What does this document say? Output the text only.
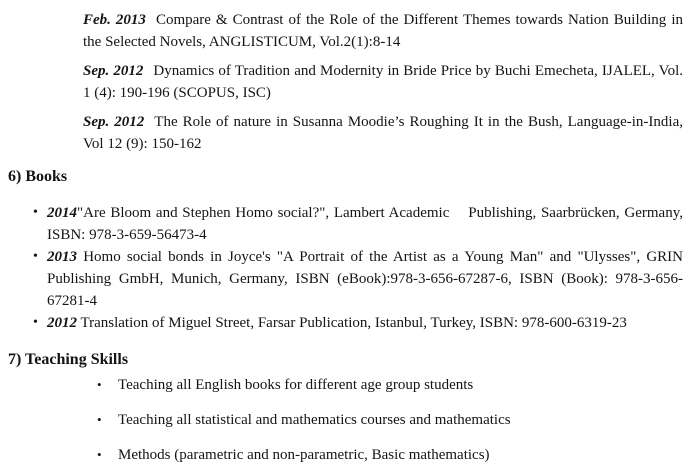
Feb. 2013 Compare & Contrast of the Role of the Different Themes towards Nation Building in the Selected Novels, ANGLISTICUM, Vol.2(1):8-14

Sep. 2012 Dynamics of Tradition and Modernity in Bride Price by Buchi Emecheta, IJALEL, Vol. 1 (4): 190-196 (SCOPUS, ISC)

Sep. 2012 The Role of nature in Susanna Moodie’s Roughing It in the Bush, Language-in-India, Vol 12 (9): 150-162

6) Books
• 2014"Are Bloom and Stephen Homo social?", Lambert Academic    Publishing, Saarbrücken, Germany, ISBN: 978-3-659-56473-4
• 2013 Homo social bonds in Joyce's "A Portrait of the Artist as a Young Man" and "Ulysses", GRIN Publishing GmbH, Munich, Germany, ISBN (eBook):978-3-656-67287-6, ISBN (Book): 978-3-656-67281-4
• 2012 Translation of Miguel Street, Farsar Publication, Istanbul, Turkey, ISBN: 978-600-6319-23
7) Teaching Skills
•	Teaching all English books for different age group students
•	Teaching all statistical and mathematics courses and mathematics
•	Methods (parametric and non-parametric, Basic mathematics)
